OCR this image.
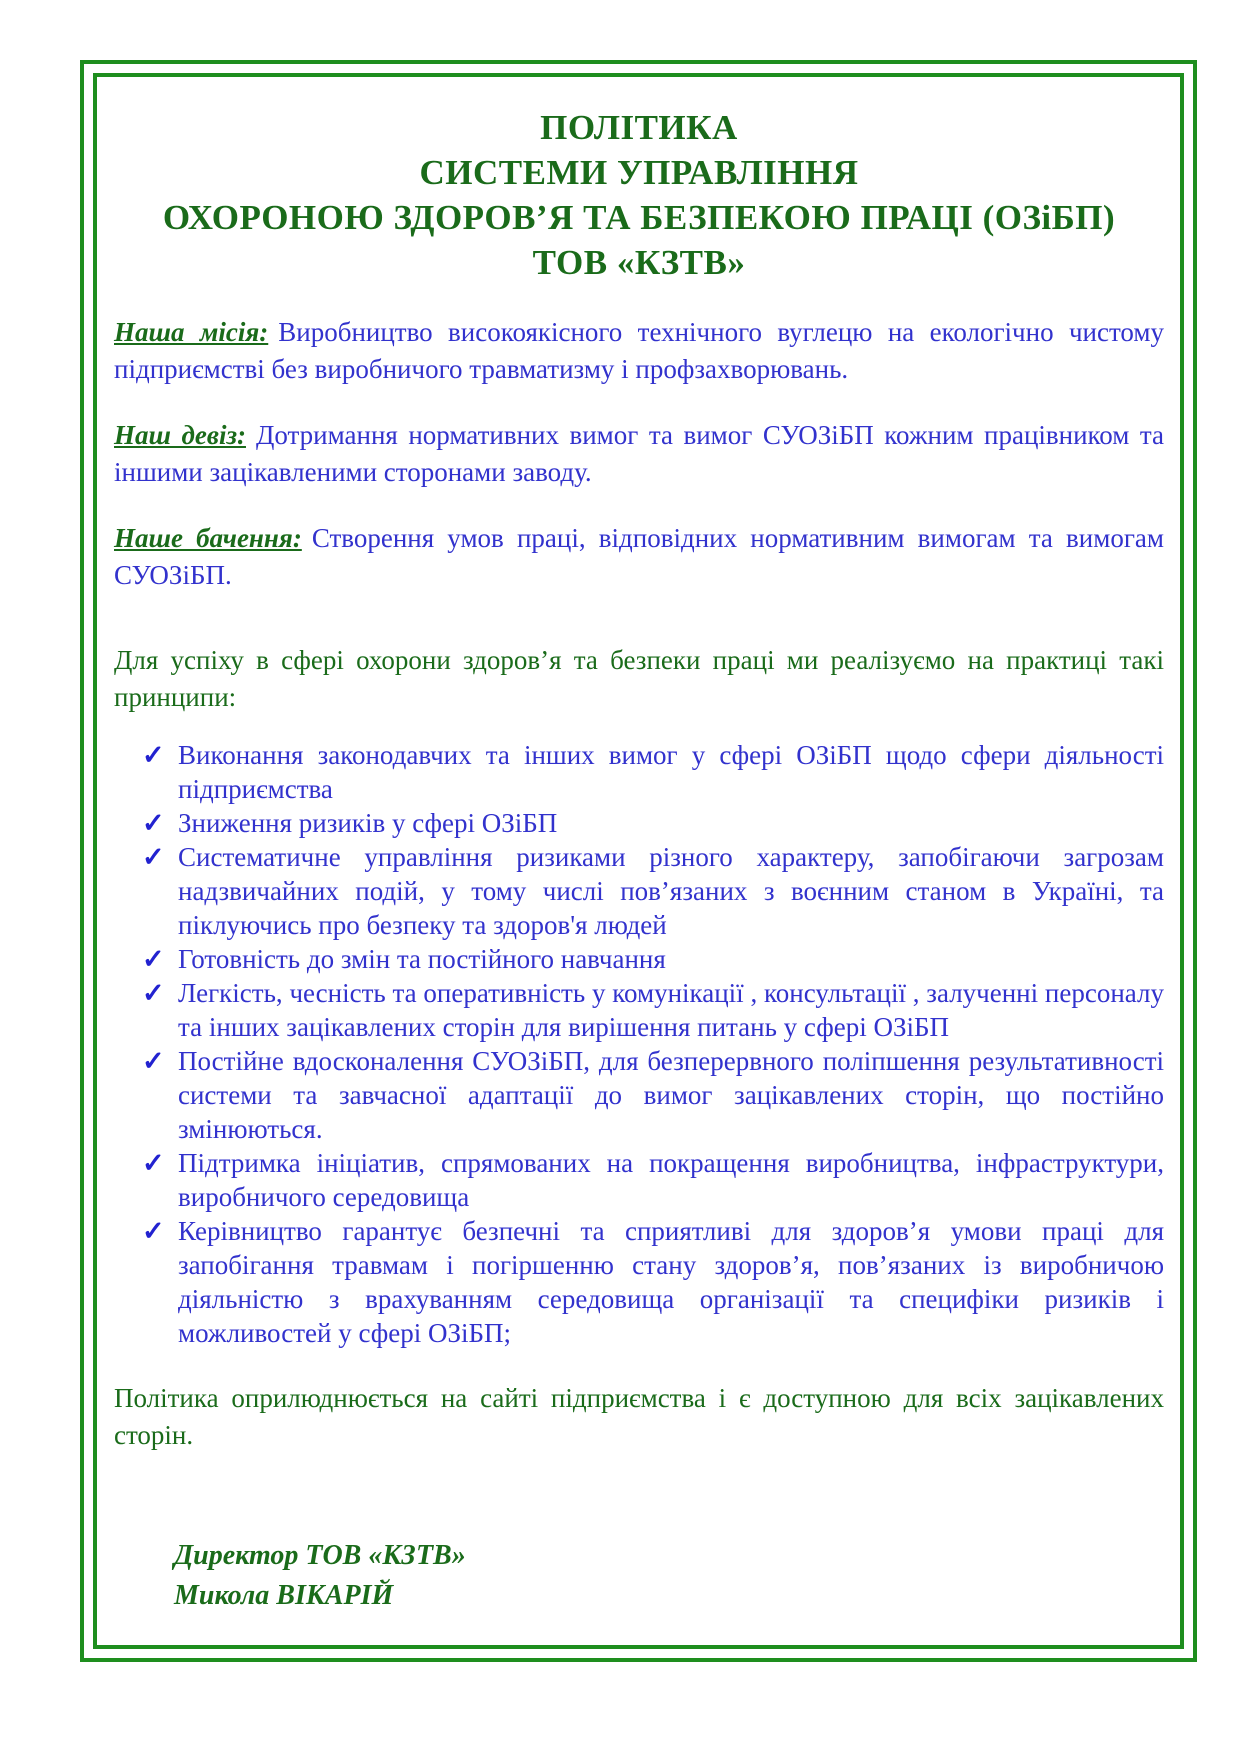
ПОЛІТИКА
СИСТЕМИ УПРАВЛІННЯ
ОХОРОНОЮ ЗДОРОВ’Я ТА БЕЗПЕКОЮ ПРАЦІ (ОЗіБП)
ТОВ «КЗТВ»

Наша місія: Виробництво високоякісного технічного вуглецю на екологічно чистому підприємстві без виробничого травматизму і профзахворювань.

Наш девіз: Дотримання нормативних вимог та вимог СУОЗіБП кожним працівником та іншими зацікавленими сторонами заводу.

Наше бачення: Створення умов праці, відповідних нормативним вимогам та вимогам СУОЗіБП.

Для успіху в сфері охорони здоров’я та безпеки праці ми реалізуємо на практиці такі принципи:

✓ Виконання законодавчих та інших вимог у сфері ОЗіБП щодо сфери діяльності підприємства
✓ Зниження ризиків у сфері ОЗіБП
✓ Систематичне управління ризиками різного характеру, запобігаючи загрозам надзвичайних подій, у тому числі пов’язаних з воєнним станом в Україні, та піклуючись про безпеку та здоров'я людей
✓ Готовність до змін та постійного навчання
✓ Легкість, чесність та оперативність у комунікації , консультації , залученні персоналу та інших зацікавлених сторін для вирішення питань у сфері ОЗіБП
✓ Постійне вдосконалення СУОЗіБП, для безперервного поліпшення результативності системи та завчасної адаптації до вимог зацікавлених сторін, що постійно змінюються.
✓ Підтримка ініціатив, спрямованих на покращення виробництва, інфраструктури, виробничого середовища
✓ Керівництво гарантує безпечні та сприятливі для здоров’я умови праці для запобігання травмам і погіршенню стану здоров’я, пов’язаних із виробничою діяльністю з врахуванням середовища організації та специфіки ризиків і можливостей у сфері ОЗіБП;

Політика оприлюднюється на сайті підприємства і є доступною для всіх зацікавлених сторін.

Директор ТОВ «КЗТВ»
Микола ВІКАРІЙ
